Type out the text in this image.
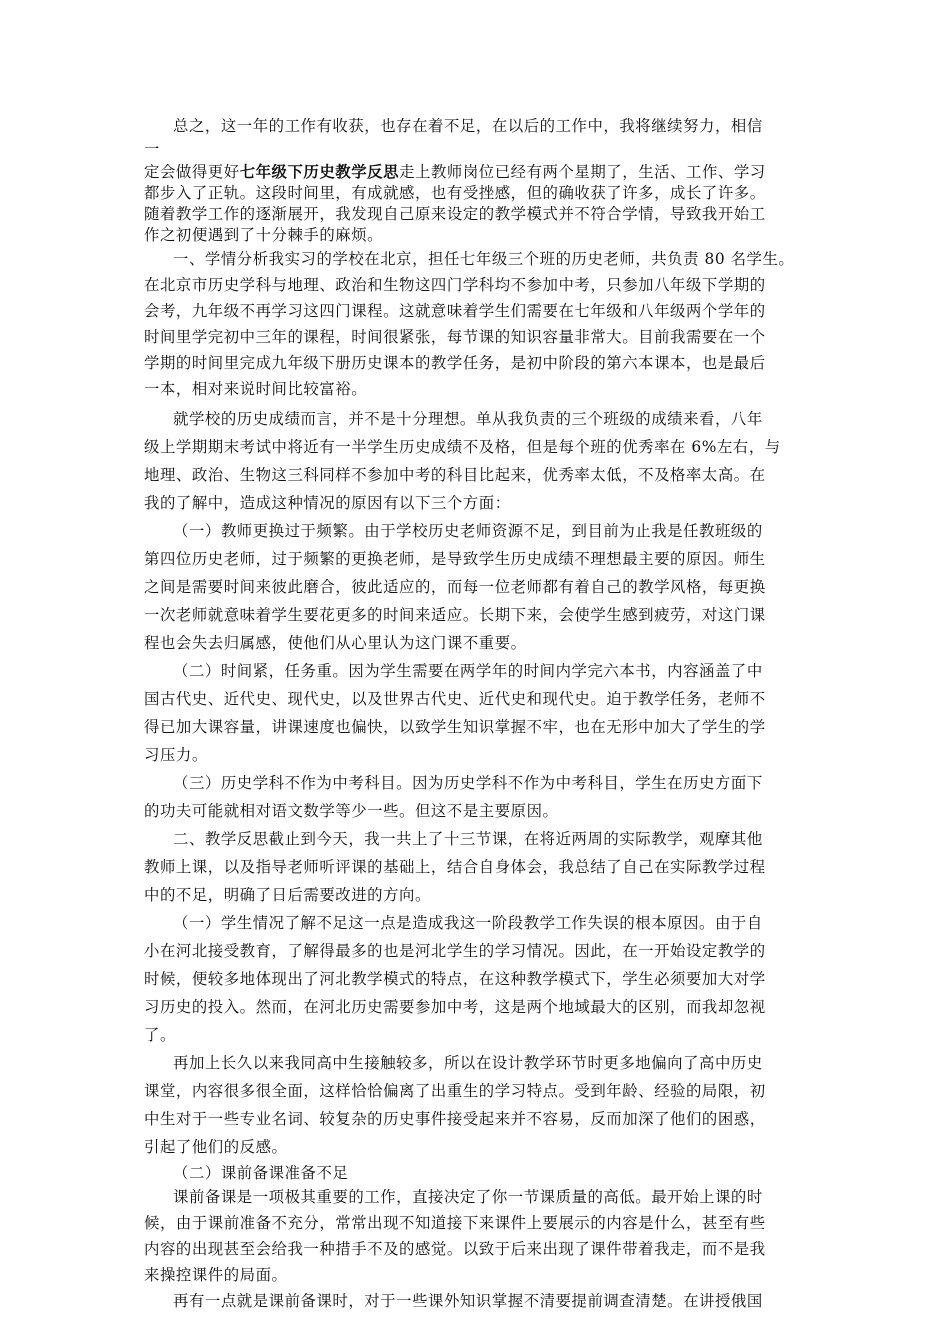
总之，这一年的工作有收获，也存在着不足，在以后的工作中，我将继续努力，相信
一
定会做得更好七年级下历史教学反思走上教师岗位已经有两个星期了，生活、工作、学习
都步入了正轨。这段时间里，有成就感，也有受挫感，但的确收获了许多，成长了许多。
随着教学工作的逐渐展开，我发现自己原来设定的教学模式并不符合学情，导致我开始工
作之初便遇到了十分棘手的麻烦。
一、学情分析我实习的学校在北京，担任七年级三个班的历史老师，共负责 80 名学生。
在北京市历史学科与地理、政治和生物这四门学科均不参加中考，只参加八年级下学期的
会考，九年级不再学习这四门课程。这就意味着学生们需要在七年级和八年级两个学年的
时间里学完初中三年的课程，时间很紧张，每节课的知识容量非常大。目前我需要在一个
学期的时间里完成九年级下册历史课本的教学任务，是初中阶段的第六本课本，也是最后
一本，相对来说时间比较富裕。
就学校的历史成绩而言，并不是十分理想。单从我负责的三个班级的成绩来看，八年
级上学期期末考试中将近有一半学生历史成绩不及格，但是每个班的优秀率在 6%左右，与
地理、政治、生物这三科同样不参加中考的科目比起来，优秀率太低，不及格率太高。在
我的了解中，造成这种情况的原因有以下三个方面：
（一）教师更换过于频繁。由于学校历史老师资源不足，到目前为止我是任教班级的
第四位历史老师，过于频繁的更换老师，是导致学生历史成绩不理想最主要的原因。师生
之间是需要时间来彼此磨合，彼此适应的，而每一位老师都有着自己的教学风格，每更换
一次老师就意味着学生要花更多的时间来适应。长期下来，会使学生感到疲劳，对这门课
程也会失去归属感，使他们从心里认为这门课不重要。
（二）时间紧，任务重。因为学生需要在两学年的时间内学完六本书，内容涵盖了中
国古代史、近代史、现代史，以及世界古代史、近代史和现代史。迫于教学任务，老师不
得已加大课容量，讲课速度也偏快，以致学生知识掌握不牢，也在无形中加大了学生的学
习压力。
（三）历史学科不作为中考科目。因为历史学科不作为中考科目，学生在历史方面下
的功夫可能就相对语文数学等少一些。但这不是主要原因。
二、教学反思截止到今天，我一共上了十三节课，在将近两周的实际教学，观摩其他
教师上课，以及指导老师听评课的基础上，结合自身体会，我总结了自己在实际教学过程
中的不足，明确了日后需要改进的方向。
（一）学生情况了解不足这一点是造成我这一阶段教学工作失误的根本原因。由于自
小在河北接受教育，了解得最多的也是河北学生的学习情况。因此，在一开始设定教学的
时候，便较多地体现出了河北教学模式的特点，在这种教学模式下，学生必须要加大对学
习历史的投入。然而，在河北历史需要参加中考，这是两个地域最大的区别，而我却忽视
了。
再加上长久以来我同高中生接触较多，所以在设计教学环节时更多地偏向了高中历史
课堂，内容很多很全面，这样恰恰偏离了出重生的学习特点。受到年龄、经验的局限，初
中生对于一些专业名词、较复杂的历史事件接受起来并不容易，反而加深了他们的困惑，
引起了他们的反感。
（二）课前备课准备不足
课前备课是一项极其重要的工作，直接决定了你一节课质量的高低。最开始上课的时
候，由于课前准备不充分，常常出现不知道接下来课件上要展示的内容是什么，甚至有些
内容的出现甚至会给我一种措手不及的感觉。以致于后来出现了课件带着我走，而不是我
来操控课件的局面。
再有一点就是课前备课时，对于一些课外知识掌握不清要提前调查清楚。在讲授俄国
